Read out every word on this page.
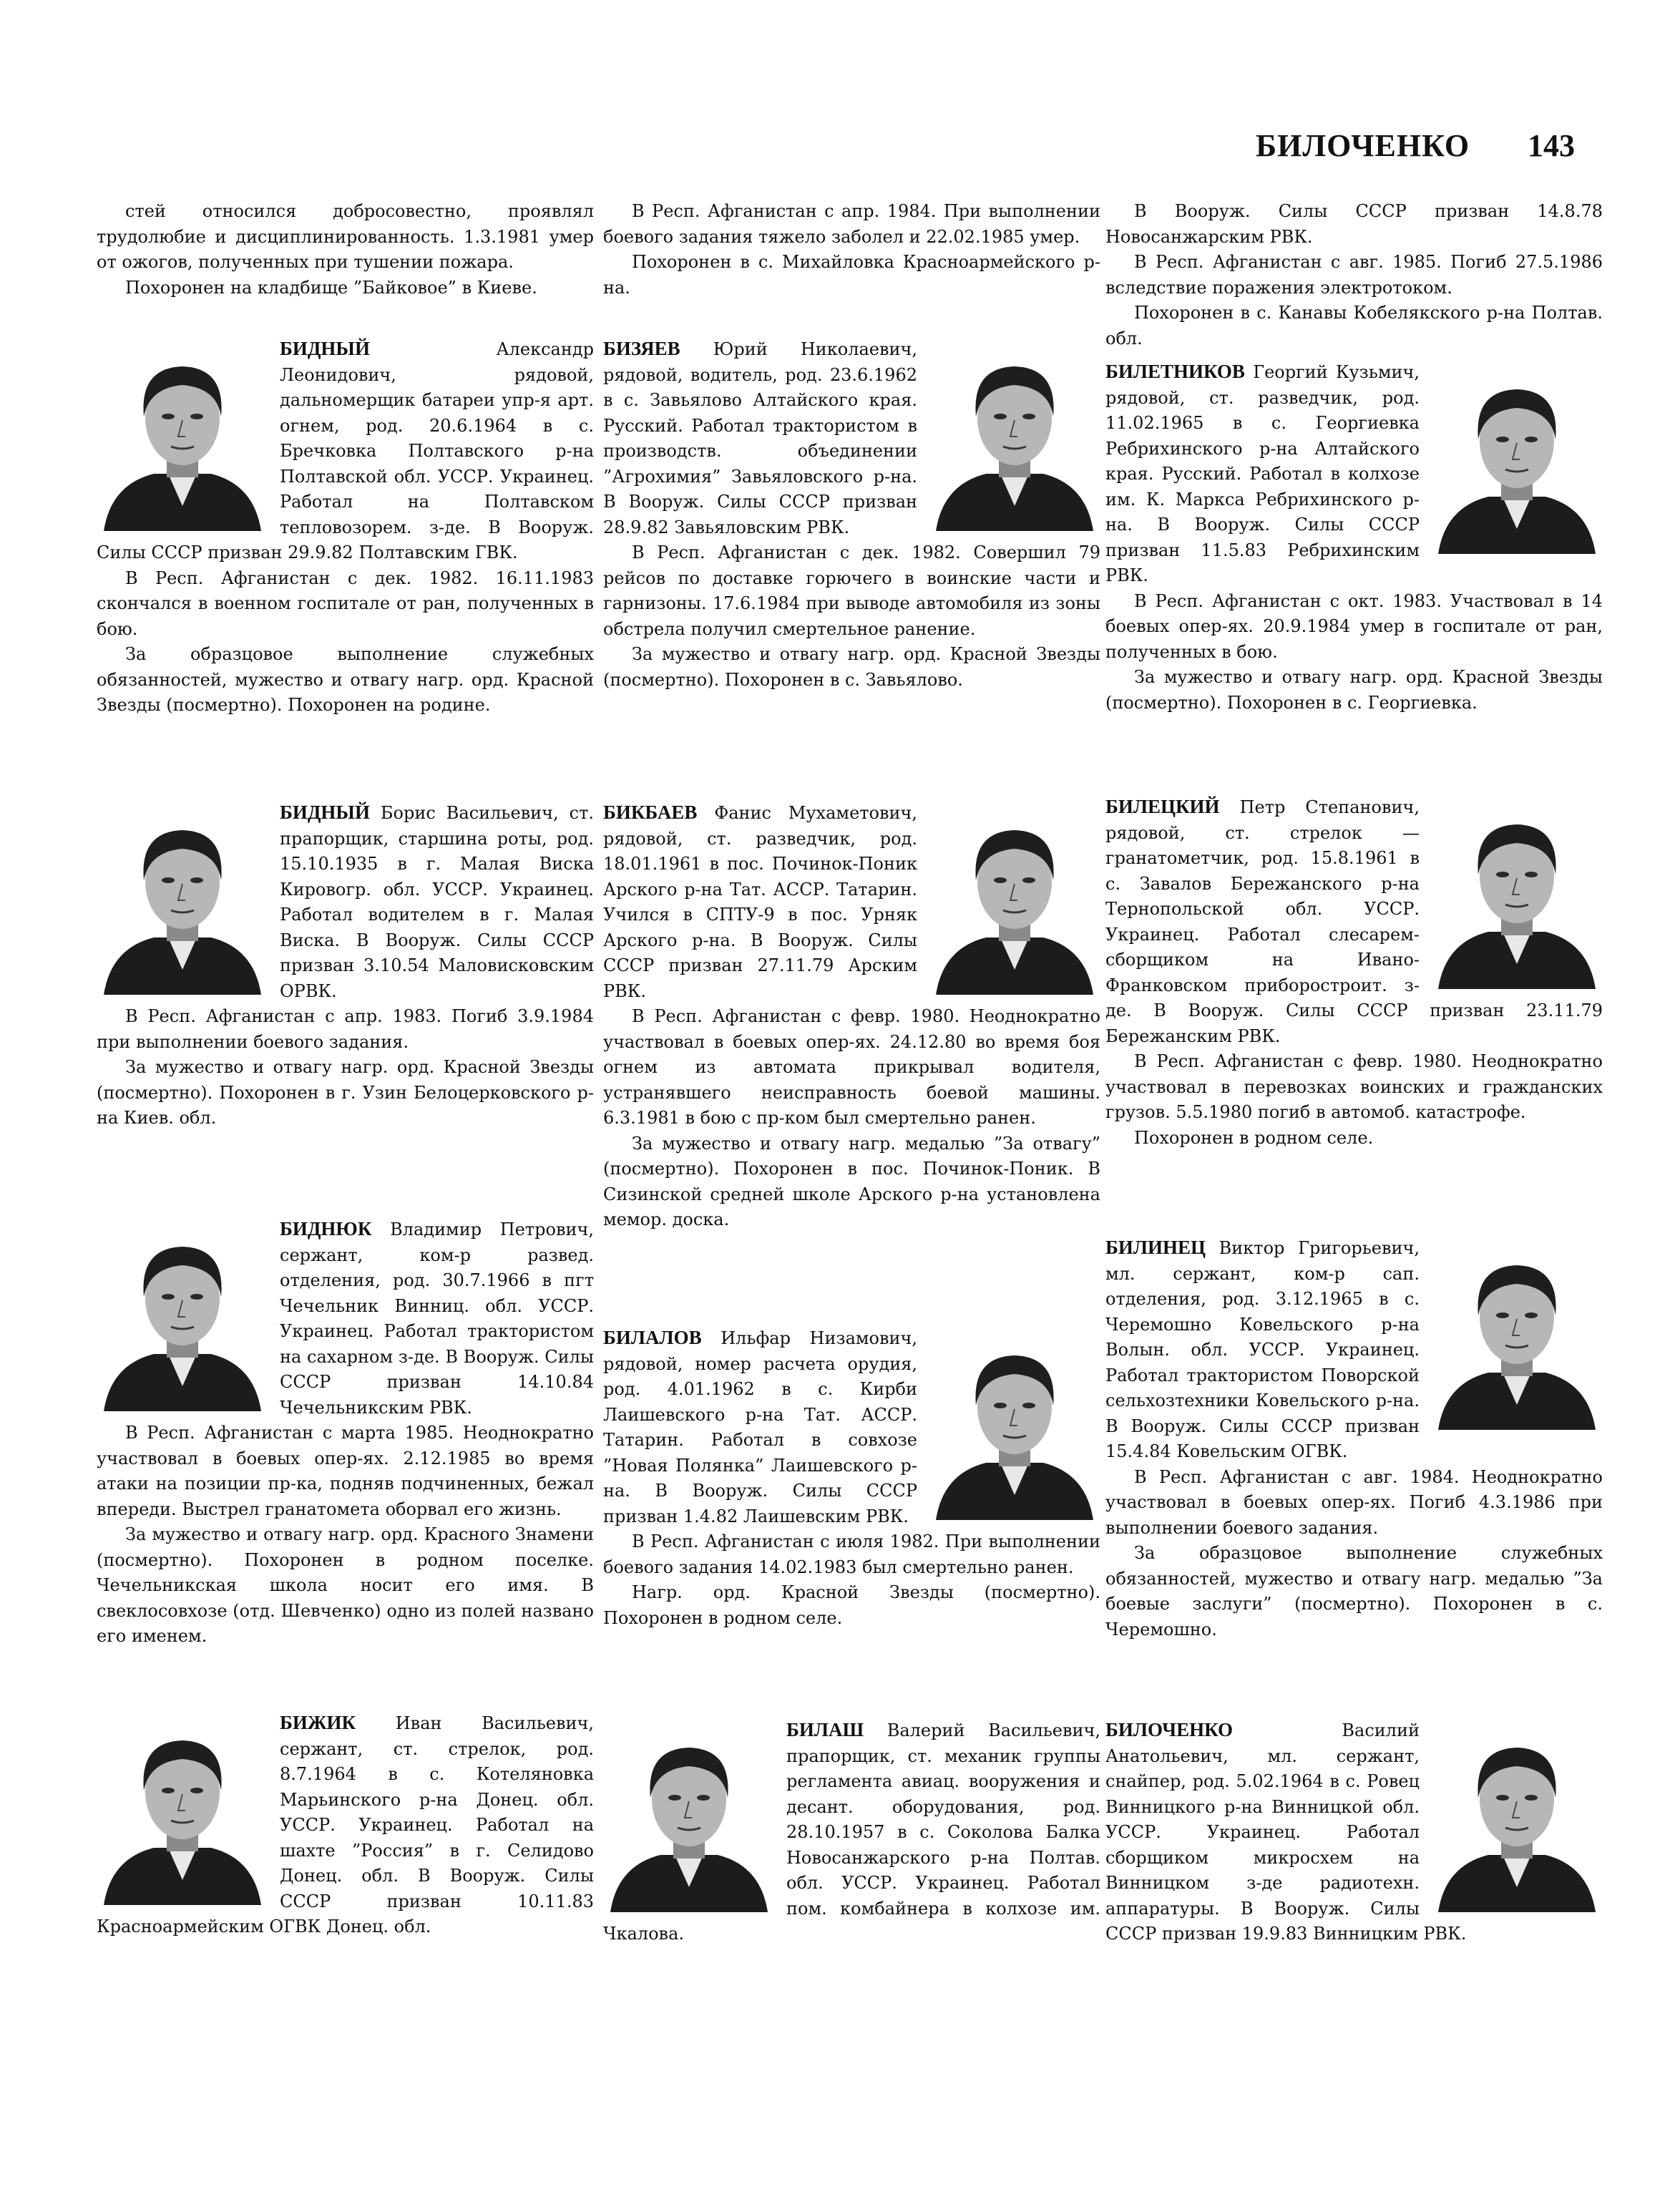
БИЛОЧЕНКО 143

стей относился добросовестно, проявлял трудолюбие и дисциплинированность. 1.3.1981 умер от ожогов, полученных при тушении пожара.

Похоронен на кладбище ”Байковое” в Киеве.

БИДНЫЙ	Александр Леонидович, рядовой, дальномерщик батареи упр-я арт. огнем, род. 20.6.1964 в с. Бречковка Полтавского р-на Полтавской обл. УССР. Украинец. Работал на Полтавском тепловозорем. з-де. В Вооруж. Силы СССР призван 29.9.82 Полтавским ГВК.

В Респ. Афганистан с дек. 1982. 16.11.1983 скончался в военном госпитале от ран, полученных в бою.

За образцовое выполнение служебных обязанностей, мужество и отвагу нагр. орд. Красной Звезды (посмертно). Похоронен на родине.

БИДНЫЙ Борис Васильевич, ст. прапорщик, старшина роты, род. 15.10.1935 в г. Малая Виска Кировогр. обл. УССР. Украинец. Работал водителем в г. Малая Виска. В Вооруж. Силы СССР призван 3.10.54 Маловисковским ОРВК.

В Респ. Афганистан с апр. 1983. Погиб 3.9.1984 при выполнении боевого задания.

За мужество и отвагу нагр. орд. Красной Звезды (посмертно). Похоронен в г. Узин Белоцерковского р-на Киев. обл.

БИДНЮК Владимир Петрович, сержант, ком-р развед. отделения, род. 30.7.1966 в пгт Чечельник Винниц. обл. УССР. Украинец. Работал трактористом на сахарном з-де. В Вооруж. Силы СССР призван 14.10.84 Чечельникским РВК.

В Респ. Афганистан с марта 1985. Неоднократно участвовал в боевых опер-ях. 2.12.1985 во время атаки на позиции пр-ка, подняв подчиненных, бежал впереди. Выстрел гранатомета оборвал его жизнь.

За мужество и отвагу нагр. орд. Красного Знамени (посмертно). Похоронен в родном поселке. Чечельникская школа носит его имя. В свеклосовхозе (отд. Шевченко) одно из полей названо его именем.

БИЖИК Иван Васильевич, сержант, ст. стрелок, род. 8.7.1964 в с. Котеляновка Марьинского р-на Донец. обл. УССР. Украинец. Работал на шахте ”Россия” в г. Селидово Донец. обл. В Вооруж. Силы СССР призван 10.11.83 Красноармейским ОГВК Донец. обл.

В Респ. Афганистан с апр. 1984. При выполнении боевого задания тяжело заболел и 22.02.1985 умер.

Похоронен в с. Михайловка Красноармейского р-на.

БИЗЯЕВ Юрий Николаевич, рядовой, водитель, род. 23.6.1962 в с. Завьялово Алтайского края. Русский. Работал трактористом в производств. объединении ”Агрохимия” Завьяловского р-на. В Вооруж. Силы СССР призван 28.9.82 Завьяловским РВК.

В Респ. Афганистан с дек. 1982. Совершил 79 рейсов по доставке горючего в воинские части и гарнизоны. 17.6.1984 при выводе автомобиля из зоны обстрела получил смертельное ранение.

За мужество и отвагу нагр. орд. Красной Звезды (посмертно). Похоронен в с. Завьялово.

БИКБАЕВ Фанис Мухаметович, рядовой, ст. разведчик, род. 18.01.1961 в пос. Починок-Поник Арского р-на Тат. АССР. Татарин. Учился в СПТУ-9 в пос. Урняк Арского р-на. В Вооруж. Силы СССР призван 27.11.79 Арским РВК.

В Респ. Афганистан с февр. 1980. Неоднократно участвовал в боевых опер-ях. 24.12.80 во время боя огнем из автомата прикрывал водителя, устранявшего неисправность боевой машины. 6.3.1981 в бою с пр-ком был смертельно ранен.

За мужество и отвагу нагр. медалью ”За отвагу” (посмертно). Похоронен в пос. Починок-Поник. В Сизинской средней школе Арского р-на установлена мемор. доска.

БИЛАЛОВ Ильфар Низамович, рядовой, номер расчета орудия, род. 4.01.1962 в с. Кирби Лаишевского р-на Тат. АССР. Татарин. Работал в совхозе ”Новая Полянка” Лаишевского р-на. В Вооруж. Силы СССР призван 1.4.82 Лаишевским РВК.

В Респ. Афганистан с июля 1982. При выполнении боевого задания 14.02.1983 был смертельно ранен.

Нагр. орд. Красной Звезды (посмертно). Похоронен в родном селе.

БИЛАШ Валерий Васильевич, прапорщик, ст. механик группы регламента авиац. вооружения и десант. оборудования, род. 28.10.1957 в с. Соколова Балка Новосанжарского р-на Полтав. обл. УССР. Украинец. Работал пом. комбайнера в колхозе им. Чкалова.

В Вооруж. Силы СССР призван 14.8.78 Новосанжарским РВК.

В Респ. Афганистан с авг. 1985. Погиб 27.5.1986 вследствие поражения электротоком.

Похоронен в с. Канавы Кобелякского р-на Полтав. обл.

БИЛЕТНИКОВ Георгий Кузьмич, рядовой, ст. разведчик, род. 11.02.1965 в с. Георгиевка Ребрихинского р-на Алтайского края. Русский. Работал в колхозе им. К. Маркса Ребрихинского р-на. В Вооруж. Силы СССР призван 11.5.83 Ребрихинским РВК.

В Респ. Афганистан с окт. 1983. Участвовал в 14 боевых опер-ях. 20.9.1984 умер в госпитале от ран, полученных в бою.

За мужество и отвагу нагр. орд. Красной Звезды (посмертно). Похоронен в с. Георгиевка.

БИЛЕЦКИЙ Петр Степанович, рядовой, ст. стрелок — гранатометчик, род. 15.8.1961 в с. Завалов Бережанского р-на Тернопольской обл. УССР. Украинец. Работал слесарем-сборщиком на Ивано-Франковском приборостроит. з-де. В Вооруж. Силы СССР призван 23.11.79 Бережанским РВК.

В Респ. Афганистан с февр. 1980. Неоднократно участвовал в перевозках воинских и гражданских грузов. 5.5.1980 погиб в автомоб. катастрофе.

Похоронен в родном селе.

БИЛИНЕЦ Виктор Григорьевич, мл. сержант, ком-р сап. отделения, род. 3.12.1965 в с. Черемошно Ковельского р-на Волын. обл. УССР. Украинец. Работал трактористом Поворской сельхозтехники Ковельского р-на. В Вооруж. Силы СССР призван 15.4.84 Ковельским ОГВК.

В Респ. Афганистан с авг. 1984. Неоднократно участвовал в боевых опер-ях. Погиб 4.3.1986 при выполнении боевого задания.

За образцовое выполнение служебных обязанностей, мужество и отвагу нагр. медалью ”За боевые заслуги” (посмертно). Похоронен в с. Черемошно.

БИЛОЧЕНКО	Василий Анатольевич, мл. сержант, снайпер, род. 5.02.1964 в с. Ровец Винницкого р-на Винницкой обл. УССР. Украинец. Работал сборщиком микросхем на Винницком з-де радиотехн. аппаратуры. В Вооруж. Силы СССР призван 19.9.83 Винницким РВК.
